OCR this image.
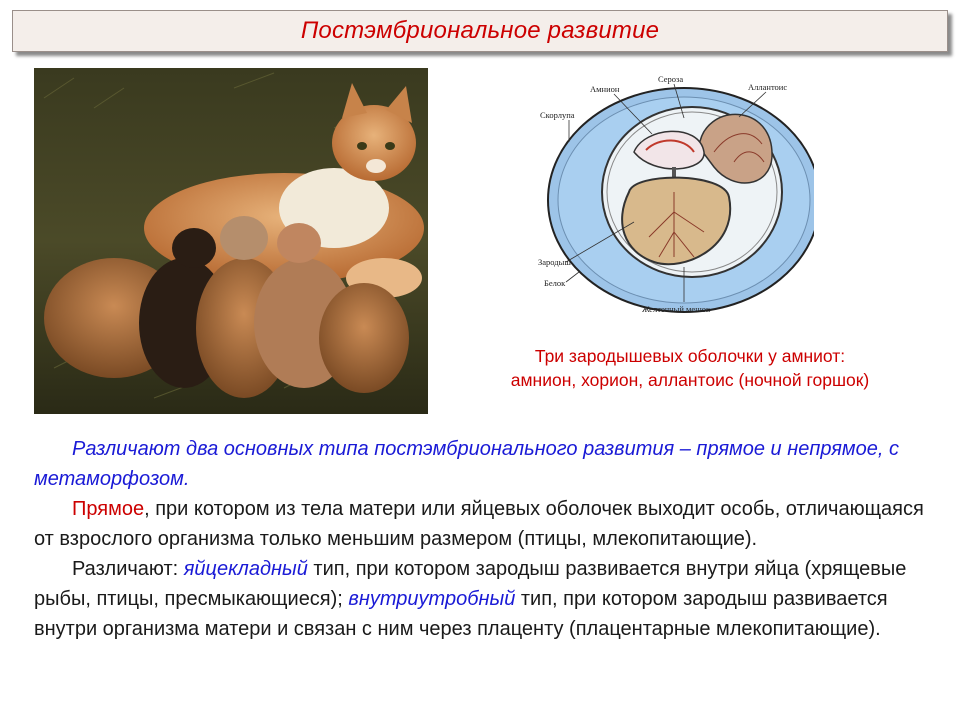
Постэмбриональное развитие
Амнион
Сероза
Аллантоис
Скорлупа
Зародыш
Белок
Желточный мешок
Три зародышевых оболочки у амниот:
амнион, хорион, аллантоис (ночной горшок)

Различают два основных типа постэмбрионального развития – прямое и непрямое, с метаморфозом.

Прямое, при котором из тела матери или яйцевых оболочек выходит особь, отличающаяся от взрослого организма только меньшим размером (птицы, млекопитающие).

Различают: яйцекладный тип, при котором зародыш развивается внутри яйца (хрящевые рыбы, птицы, пресмыкающиеся); внутриутробный тип, при котором зародыш развивается внутри организма матери и связан с ним через плаценту (плацентарные млекопитающие).
